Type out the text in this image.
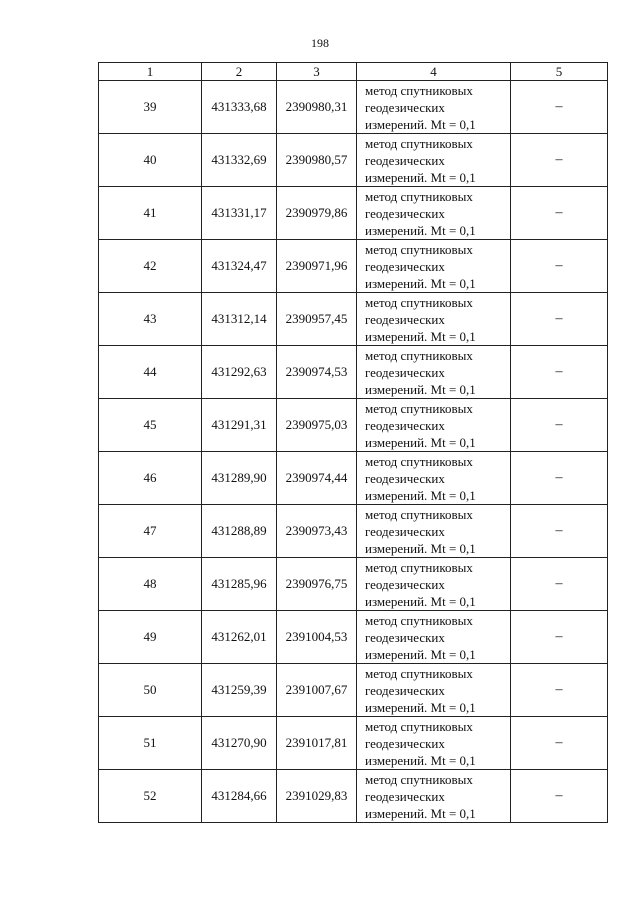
198
1	2	3	4	5
39	431333,68	2390980,31	метод спутниковых
геодезических
измерений. Mt = 0,1	–
40	431332,69	2390980,57	метод спутниковых
геодезических
измерений. Mt = 0,1	–
41	431331,17	2390979,86	метод спутниковых
геодезических
измерений. Mt = 0,1	–
42	431324,47	2390971,96	метод спутниковых
геодезических
измерений. Mt = 0,1	–
43	431312,14	2390957,45	метод спутниковых
геодезических
измерений. Mt = 0,1	–
44	431292,63	2390974,53	метод спутниковых
геодезических
измерений. Mt = 0,1	–
45	431291,31	2390975,03	метод спутниковых
геодезических
измерений. Mt = 0,1	–
46	431289,90	2390974,44	метод спутниковых
геодезических
измерений. Mt = 0,1	–
47	431288,89	2390973,43	метод спутниковых
геодезических
измерений. Mt = 0,1	–
48	431285,96	2390976,75	метод спутниковых
геодезических
измерений. Mt = 0,1	–
49	431262,01	2391004,53	метод спутниковых
геодезических
измерений. Mt = 0,1	–
50	431259,39	2391007,67	метод спутниковых
геодезических
измерений. Mt = 0,1	–
51	431270,90	2391017,81	метод спутниковых
геодезических
измерений. Mt = 0,1	–
52	431284,66	2391029,83	метод спутниковых
геодезических
измерений. Mt = 0,1	–
